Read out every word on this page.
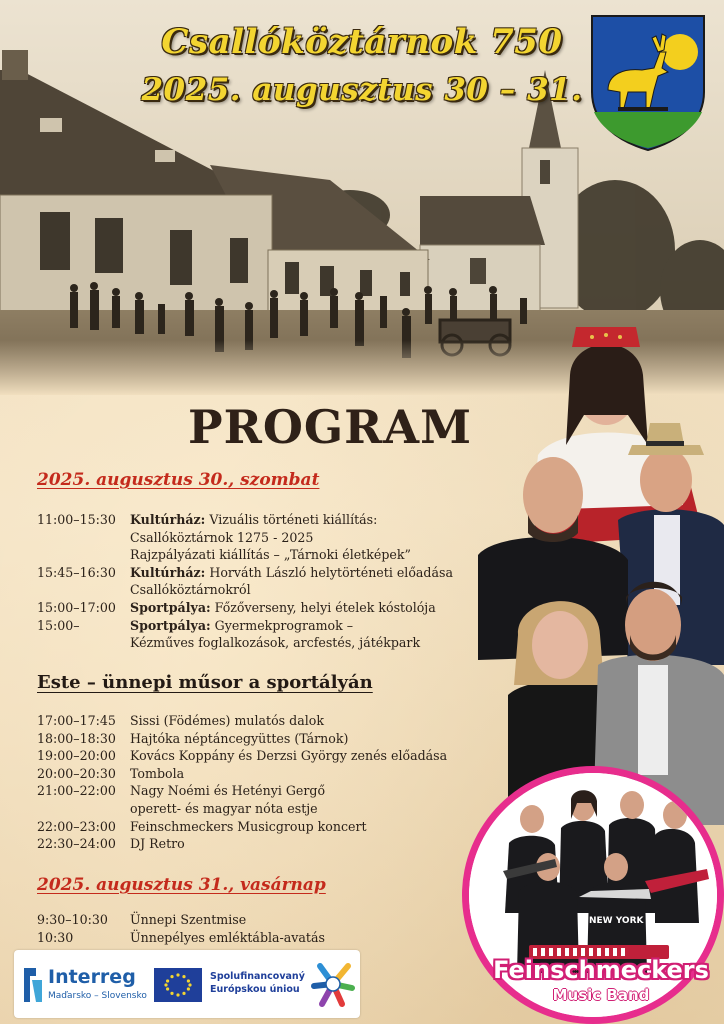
Csallóköztárnok 750
2025. augusztus 30 – 31.
PROGRAM
2025. augusztus 30., szombat
11:00–15:30	Kultúrház: Vizuális történeti kiállítás:
Csallóköztárnok 1275 - 2025
Rajzpályázati kiállítás – „Tárnoki életképek”
15:45–16:30	Kultúrház: Horváth László helytörténeti előadása
Csallóköztárnokról
15:00–17:00	Sportpálya: Főzőverseny, helyi ételek kóstolója
15:00–	Sportpálya: Gyermekprogramok –
Kézműves foglalkozások, arcfestés, játékpark
Este – ünnepi műsor a sportályán
17:00–17:45	Sissi (Födémes) mulatós dalok
18:00–18:30	Hajtóka néptáncegyüttes (Tárnok)
19:00–20:00	Kovács Koppány és Derzsi György zenés előadása
20:00–20:30	Tombola
21:00–22:00	Nagy Noémi és Hetényi Gergő
operett- és magyar nóta estje
22:00–23:00	Feinschmeckers Musicgroup koncert
22:30–24:00	DJ Retro
2025. augusztus 31., vasárnap
9:30–10:30	Ünnepi Szentmise
10:30	Ünnepélyes emléktábla-avatás
NEW YORK
Feinschmeckers
Music Band
Interreg
Maďarsko – Slovensko
Spolufinancovaný
Európskou úniou
